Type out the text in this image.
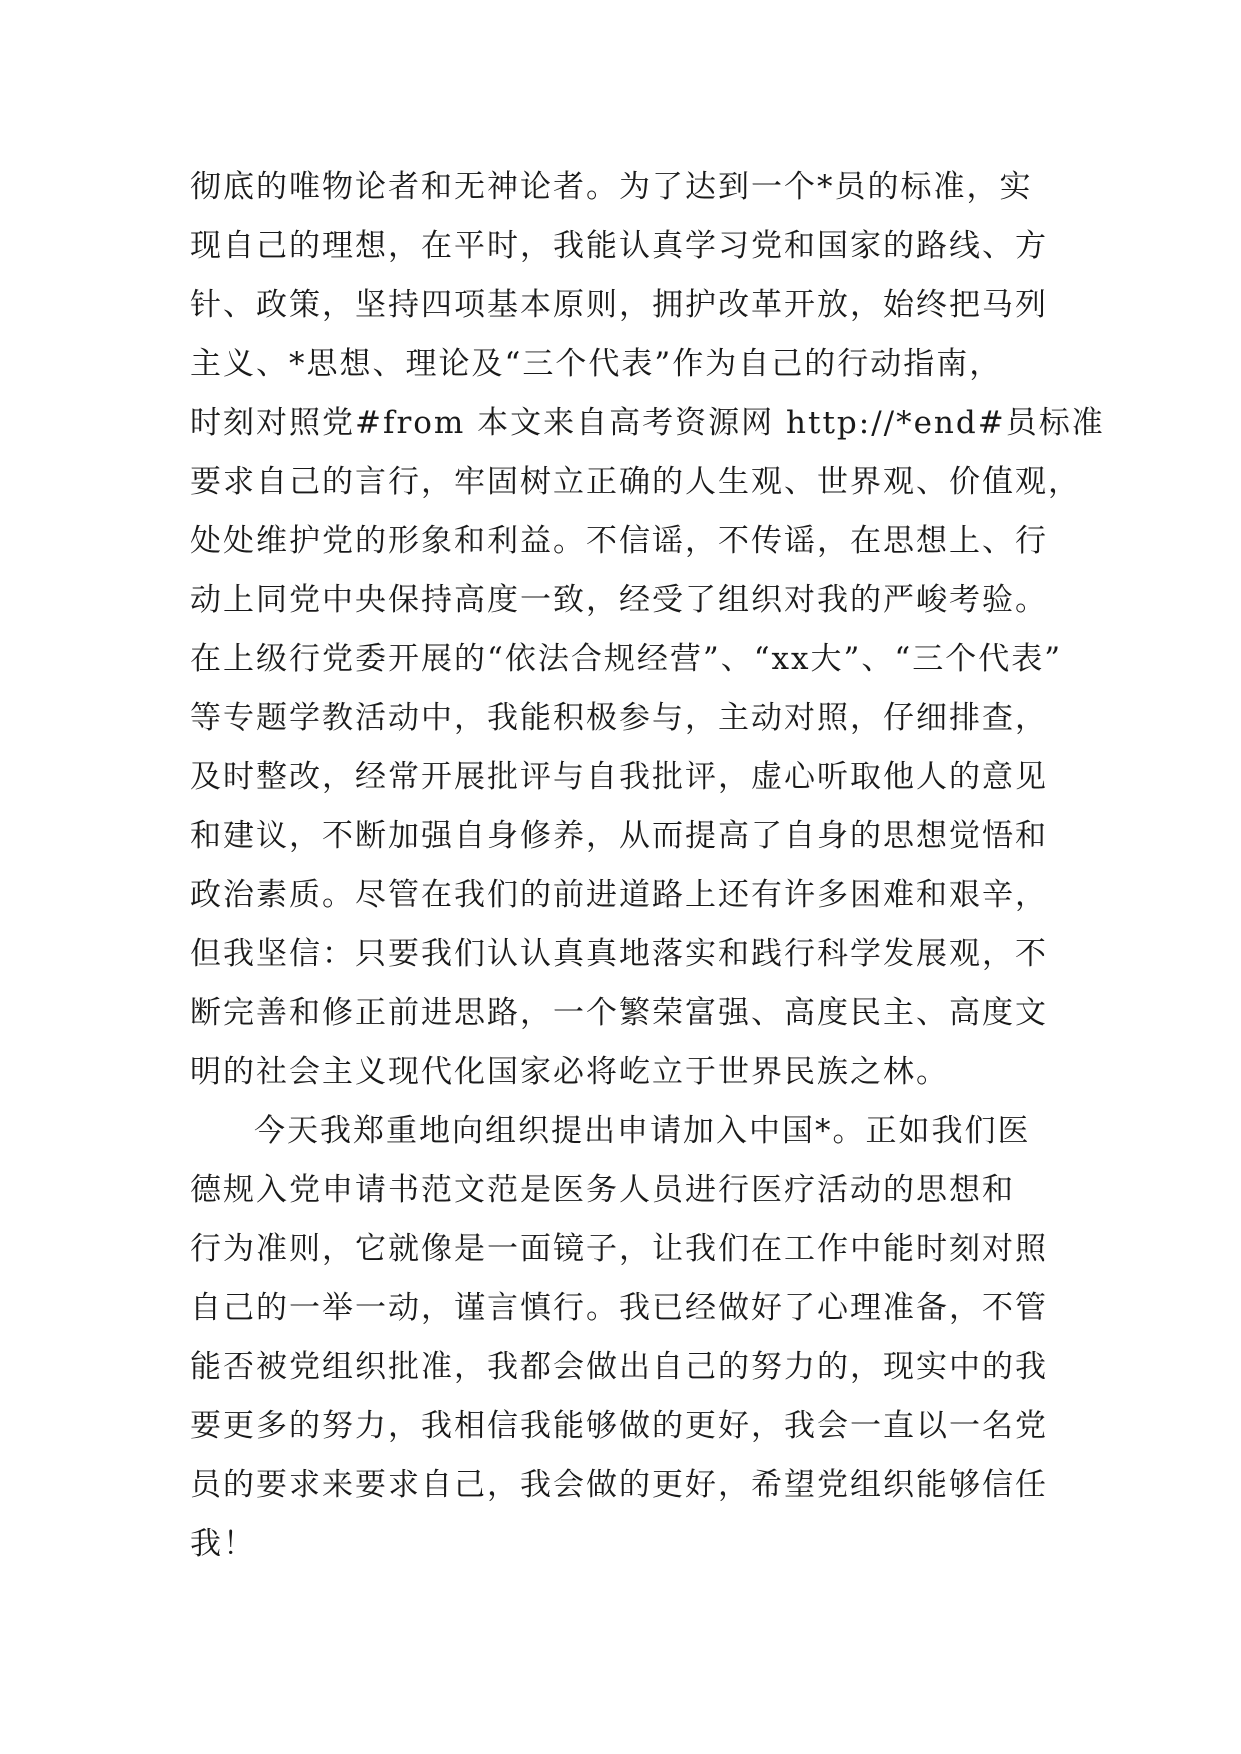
彻底的唯物论者和无神论者。为了达到一个*员的标准，实
现自己的理想，在平时，我能认真学习党和国家的路线、方
针、政策，坚持四项基本原则，拥护改革开放，始终把马列
主义、*思想、理论及“三个代表”作为自己的行动指南，
时刻对照党#from 本文来自高考资源网 http://*end#员标准
要求自己的言行，牢固树立正确的人生观、世界观、价值观，
处处维护党的形象和利益。不信谣，不传谣，在思想上、行
动上同党中央保持高度一致，经受了组织对我的严峻考验。
在上级行党委开展的“依法合规经营”、“xx大”、“三个代表”
等专题学教活动中，我能积极参与，主动对照，仔细排查，
及时整改，经常开展批评与自我批评，虚心听取他人的意见
和建议，不断加强自身修养，从而提高了自身的思想觉悟和
政治素质。尽管在我们的前进道路上还有许多困难和艰辛，
但我坚信：只要我们认认真真地落实和践行科学发展观，不
断完善和修正前进思路，一个繁荣富强、高度民主、高度文
明的社会主义现代化国家必将屹立于世界民族之林。
今天我郑重地向组织提出申请加入中国*。正如我们医
德规入党申请书范文范是医务人员进行医疗活动的思想和
行为准则，它就像是一面镜子，让我们在工作中能时刻对照
自己的一举一动，谨言慎行。我已经做好了心理准备，不管
能否被党组织批准，我都会做出自己的努力的，现实中的我
要更多的努力，我相信我能够做的更好，我会一直以一名党
员的要求来要求自己，我会做的更好，希望党组织能够信任
我！
